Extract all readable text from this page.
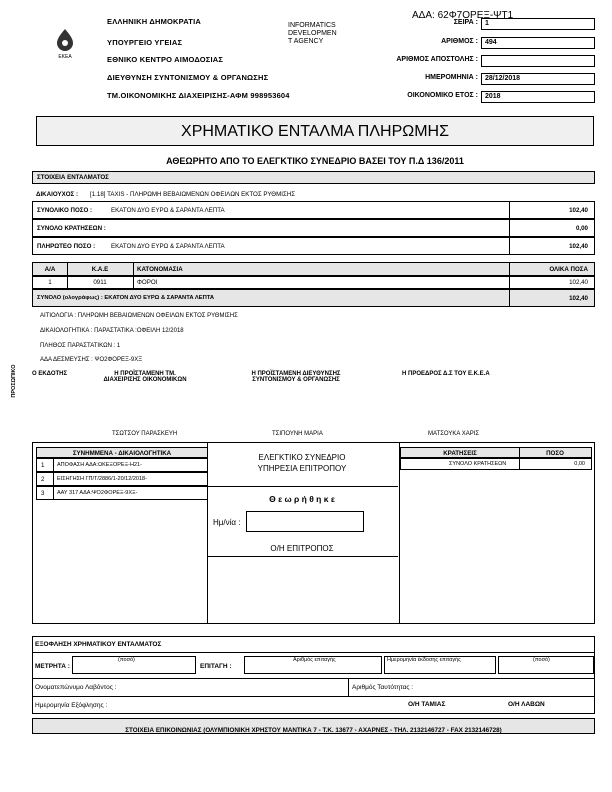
ΑΔΑ: 62Φ7ΟΡΕΞ-ΨΤ1
ΕΚΕΑ
ΕΛΛΗΝΙΚΗ ΔΗΜΟΚΡΑΤΙΑ
ΥΠΟΥΡΓΕΙΟ ΥΓΕΙΑΣ
ΕΘΝΙΚΟ ΚΕΝΤΡΟ ΑΙΜΟΔΟΣΙΑΣ
ΔΙΕΥΘΥΝΣΗ ΣΥΝΤΟΝΙΣΜΟΥ & ΟΡΓΑΝΩΣΗΣ
ΤΜ.ΟΙΚΟΝΟΜΙΚΗΣ ΔΙΑΧΕΙΡΙΣΗΣ-ΑΦΜ 998953604
INFORMATICS
DEVELOPMEN
T AGENCY
ΣΕΙΡΑ :	1
ΑΡΙΘΜΟΣ :	494
ΑΡΙΘΜΟΣ ΑΠΟΣΤΟΛΗΣ :
ΗΜΕΡΟΜΗΝΙΑ :	28/12/2018
ΟΙΚΟΝΟΜΙΚΟ ΕΤΟΣ :	2018
ΧΡΗΜΑΤΙΚΟ ΕΝΤΑΛΜΑ ΠΛΗΡΩΜΗΣ
ΑΘΕΩΡΗΤΟ ΑΠΟ ΤΟ ΕΛΕΓΚΤΙΚΟ ΣΥΝΕΔΡΙΟ ΒΑΣΕΙ ΤΟΥ Π.Δ 136/2011
ΣΤΟΙΧΕΙΑ ΕΝΤΑΛΜΑΤΟΣ
ΔΙΚΑΙΟΥΧΟΣ : [1.18] TAXIS - ΠΛΗΡΩΜΗ ΒΕΒΑΙΩΜΕΝΩΝ ΟΦΕΙΛΩΝ ΕΚΤΟΣ ΡΥΘΜΙΣΗΣ
ΣΥΝΟΛΙΚΟ ΠΟΣΟ :	ΕΚΑΤΟΝ ΔΥΟ ΕΥΡΩ & ΣΑΡΑΝΤΑ ΛΕΠΤΑ	102,40
ΣΥΝΟΛΟ ΚΡΑΤΗΣΕΩΝ :	0,00
ΠΛΗΡΩΤΕΟ ΠΟΣΟ :	ΕΚΑΤΟΝ ΔΥΟ ΕΥΡΩ & ΣΑΡΑΝΤΑ ΛΕΠΤΑ	102,40
Α/Α	Κ.Α.Ε	ΚΑΤΟΝΟΜΑΣΙΑ	ΟΛΙΚΑ ΠΟΣΑ
1	0911	ΦΟΡΟΙ	102,40
ΣΥΝΟΛΟ (ολογράφως) : ΕΚΑΤΟΝ ΔΥΟ ΕΥΡΩ & ΣΑΡΑΝΤΑ ΛΕΠΤΑ	102,40
ΑΙΤΙΟΛΟΓΙΑ : ΠΛΗΡΩΜΗ ΒΕΒΑΙΩΜΕΝΩΝ ΟΦΕΙΛΩΝ ΕΚΤΟΣ ΡΥΘΜΙΣΗΣ
ΔΙΚΑΙΟΛΟΓΗΤΙΚΑ : ΠΑΡΑΣΤΑΤΙΚΑ :ΟΦΕΙΛΗ 12/2018
ΠΛΗΘΟΣ ΠΑΡΑΣΤΑΤΙΚΩΝ : 1
ΑΔΑ ΔΕΣΜΕΥΣΗΣ : ΨΟ2ΦΟΡΕΞ-9ΧΞ
ΠΡΟΣΩΠΙΚΟ	Ο ΕΚΔΟΤΗΣ	Η ΠΡΟΪΣΤΑΜΕΝΗ ΤΜ.
ΔΙΑΧΕΙΡΙΣΗΣ ΟΙΚΟΝΟΜΙΚΩΝ
Η ΠΡΟΪΣΤΑΜΕΝΗ ΔΙΕΥΘΥΝΣΗΣ
ΣΥΝΤΟΝΙΣΜΟΥ & ΟΡΓΑΝΩΣΗΣ
Η ΠΡΟΕΔΡΟΣ Δ.Σ ΤΟΥ Ε.Κ.Ε.Α
ΤΣΩΤΣΟΥ ΠΑΡΑΣΚΕΥΗ	ΤΣΙΠΟΥΝΗ ΜΑΡΙΑ	ΜΑΤΣΟΥΚΑ ΧΑΡΙΣ
ΣΥΝΗΜΜΕΝΑ - ΔΙΚΑΙΟΛΟΓΗΤΙΚΑ
1 ΑΠΟΦΑΣΗ ΑΔΑ:ΩΚΕΞΟΡΕΞ-Η21-
2 ΕΙΣΗΓΗΣΗ ΓΠ/Τ/2886/1-20/12/2018-
3 ΑΑΥ 317 ΑΔΑ:ΨΟ2ΦΟΡΕΞ-9ΧΞ-
ΕΛΕΓΚΤΙΚΟ ΣΥΝΕΔΡΙΟ
ΥΠΗΡΕΣΙΑ ΕΠΙΤΡΟΠΟΥ
Θ ε ω ρ ή θ η κ ε
Ημ/νία :
Ο/Η ΕΠΙΤΡΟΠΟΣ
ΚΡΑΤΗΣΕΙΣ	ΠΟΣΟ
ΣΥΝΟΛΟ ΚΡΑΤΗΣΕΩΝ	0,00
ΕΞΟΦΛΗΣΗ ΧΡΗΜΑΤΙΚΟΥ ΕΝΤΑΛΜΑΤΟΣ
ΜΕΤΡΗΤΑ :
(ποσό)
ΕΠΙΤΑΓΗ :
Αριθμός επιταγής	Ημερομηνία έκδοσης επιταγής	(ποσό)
Ονοματεπώνυμο Λαβόντος :	Αριθμός Ταυτότητας :
Ημερομηνία Εξόφλησης :	Ο/Η ΤΑΜΙΑΣ	Ο/Η ΛΑΒΩΝ
ΣΤΟΙΧΕΙΑ ΕΠΙΚΟΙΝΩΝΙΑΣ (ΟΛΥΜΠΙΟΝΙΚΗ ΧΡΗΣΤΟΥ ΜΑΝΤΙΚΑ 7 - Τ.Κ. 13677 - ΑΧΑΡΝΕΣ - ΤΗΛ. 2132146727 - FAX 2132146728)
